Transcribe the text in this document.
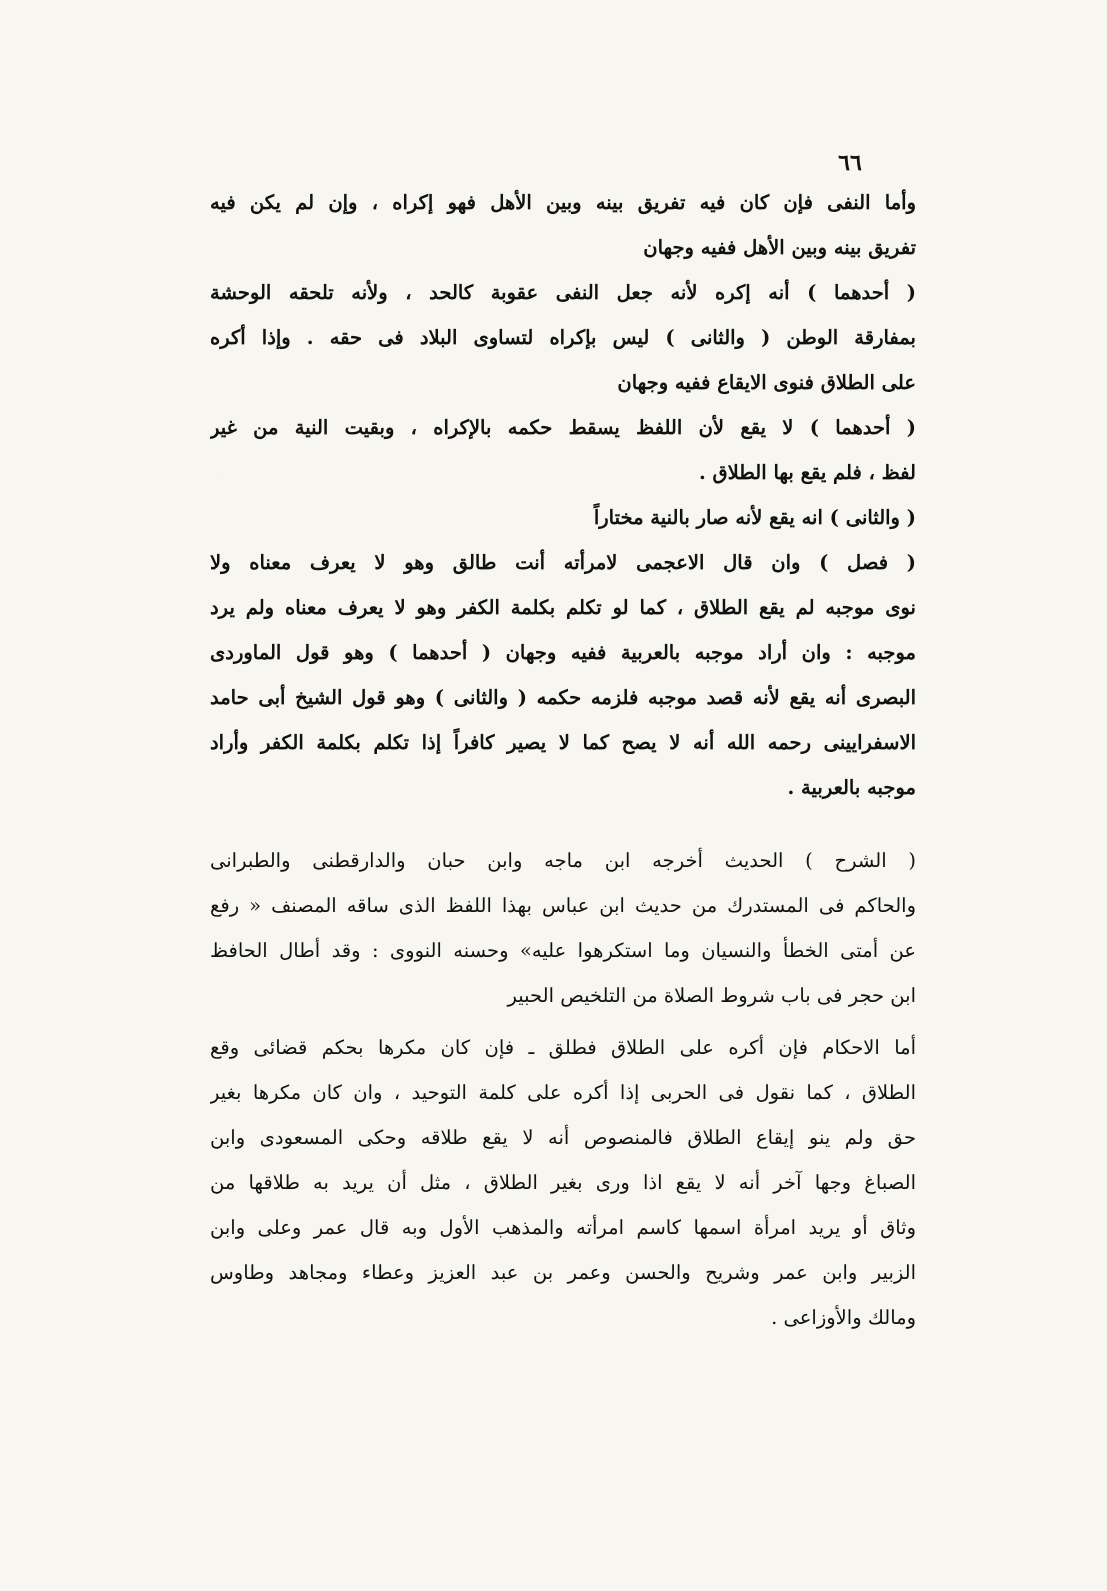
٦٦
وأما النفى فإن كان فيه تفريق بينه وبين الأهل فهو إكراه ، وإن لم يكن فيه
تفريق بينه وبين الأهل ففيه وجهان
( أحدهما ) أنه إكره لأنه جعل النفى عقوبة كالحد ، ولأنه تلحقه الوحشة
بمفارقة الوطن ( والثانى ) ليس بإكراه لتساوى البلاد فى حقه . وإذا أكره
على الطلاق فنوى الايقاع ففيه وجهان
( أحدهما ) لا يقع لأن اللفظ يسقط حكمه بالإكراه ، وبقيت النية من غير
لفظ ، فلم يقع بها الطلاق .
( والثانى ) انه يقع لأنه صار بالنية مختاراً
( فصل ) وان قال الاعجمى لامرأته أنت طالق وهو لا يعرف معناه ولا
نوى موجبه لم يقع الطلاق ، كما لو تكلم بكلمة الكفر وهو لا يعرف معناه ولم يرد
موجبه : وان أراد موجبه بالعربية ففيه وجهان ( أحدهما ) وهو قول الماوردى
البصرى أنه يقع لأنه قصد موجبه فلزمه حكمه ( والثانى ) وهو قول الشيخ أبى حامد
الاسفرايينى رحمه الله أنه لا يصح كما لا يصير كافراً إذا تكلم بكلمة الكفر وأراد
موجبه بالعربية .
( الشرح ) الحديث أخرجه ابن ماجه وابن حبان والدارقطنى والطبرانى
والحاكم فى المستدرك من حديث ابن عباس بهذا اللفظ الذى ساقه المصنف « رفع
عن أمتى الخطأ والنسيان وما استكرهوا عليه» وحسنه النووى : وقد أطال الحافظ
ابن حجر فى باب شروط الصلاة من التلخيص الحبير
أما الاحكام فإن أكره على الطلاق فطلق ـ فإن كان مكرها بحكم قضائى وقع
الطلاق ، كما نقول فى الحربى إذا أكره على كلمة التوحيد ، وان كان مكرها بغير
حق ولم ينو إيقاع الطلاق فالمنصوص أنه لا يقع طلاقه وحكى المسعودى وابن
الصباغ وجها آخر أنه لا يقع اذا ورى بغير الطلاق ، مثل أن يريد به طلاقها من
وثاق أو يريد امرأة اسمها كاسم امرأته والمذهب الأول وبه قال عمر وعلى وابن
الزبير وابن عمر وشريح والحسن وعمر بن عبد العزيز وعطاء ومجاهد وطاوس
ومالك والأوزاعى .
